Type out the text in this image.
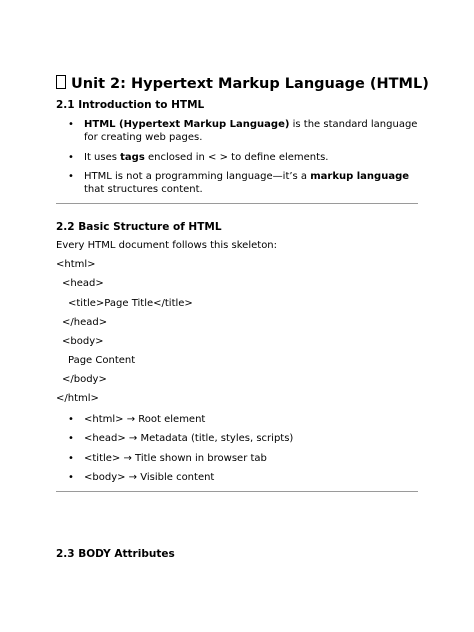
Unit 2: Hypertext Markup Language (HTML)
2.1 Introduction to HTML
• HTML (Hypertext Markup Language) is the standard language for creating web pages.
• It uses tags enclosed in < > to define elements.
• HTML is not a programming language—it’s a markup language that structures content.
2.2 Basic Structure of HTML
Every HTML document follows this skeleton:
<html>
<head>
<title>Page Title</title>
</head>
<body>
Page Content
</body>
</html>
• <html> → Root element
• <head> → Metadata (title, styles, scripts)
• <title> → Title shown in browser tab
• <body> → Visible content
2.3 BODY Attributes
